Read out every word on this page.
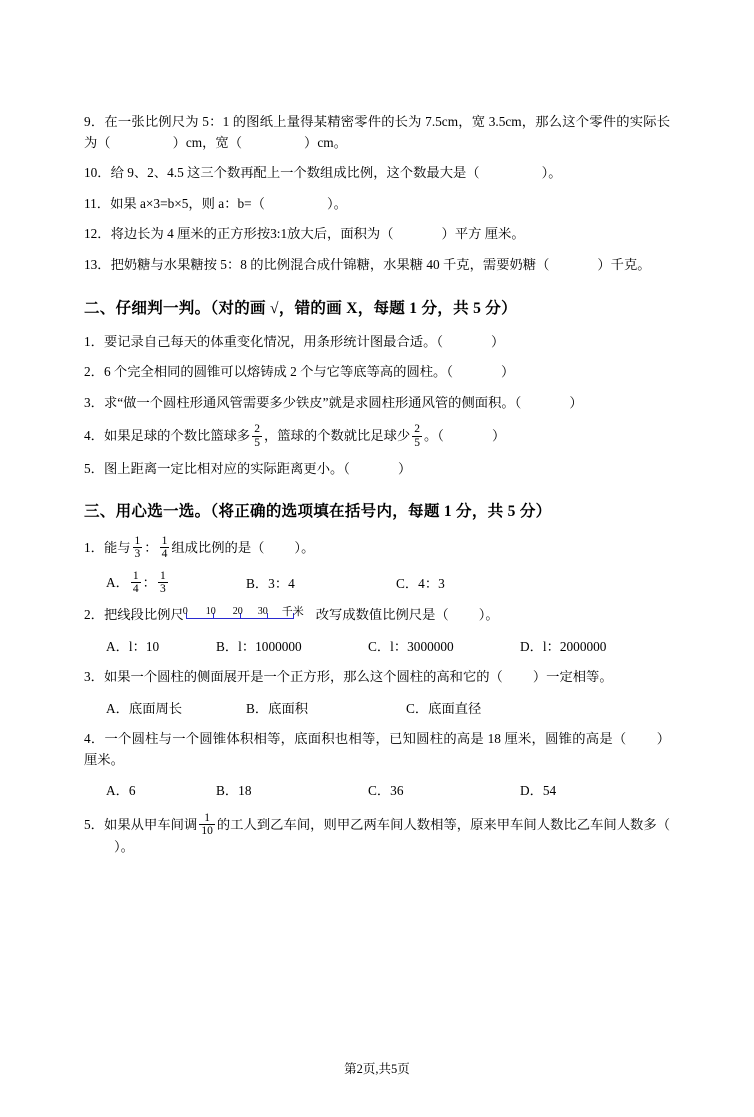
9．在一张比例尺为 5：1 的图纸上量得某精密零件的长为 7.5cm，宽 3.5cm，那么这个零件的实际长为（	）cm，宽（	）cm。
10．给 9、2、4.5 这三个数再配上一个数组成比例，这个数最大是（	）。
11．如果 a×3=b×5，则 a：b=（	）。
12．将边长为 4 厘米的正方形按3:1放大后，面积为（	）平方 厘米。
13．把奶糖与水果糖按 5：8 的比例混合成什锦糖，水果糖 40 千克，需要奶糖（	）千克。
二、仔细判一判。（对的画 √，错的画 X，每题 1 分，共 5 分）
1．要记录自己每天的体重变化情况，用条形统计图最合适。（	）
2．6 个完全相同的圆锥可以熔铸成 2 个与它等底等高的圆柱。（	）
3．求“做一个圆柱形通风管需要多少铁皮”就是求圆柱形通风管的侧面积。（	）
4．如果足球的个数比篮球多 $\frac{2}{5}$ ，篮球的个数就比足球少 $\frac{2}{5}$ 。（	）
5．图上距离一定比相对应的实际距离更小。（	）
三、用心选一选。（将正确的选项填在括号内，每题 1 分，共 5 分）
1．能与 $\frac{1}{3}$ ： $\frac{1}{4}$ 组成比例的是（ ）。
A． $\frac{1}{4}$ ： $\frac{1}{3}$	B．3：4	C．4：3
2．把线段比例尺 0 10 20 30 千米 改写成数值比例尺是（ ）。
A．l：10	B．l：1000000	C．l：3000000	D．l：2000000
3．如果一个圆柱的侧面展开是一个正方形，那么这个圆柱的高和它的（ ）一定相等。
A．底面周长	B．底面积	C．底面直径
4．一个圆柱与一个圆锥体积相等，底面积也相等，已知圆柱的高是 18 厘米，圆锥的高是（ ）厘米。
A．6	B．18	C．36	D．54
5．如果从甲车间调 $\frac{1}{10}$ 的工人到乙车间，则甲乙两车间人数相等，原来甲车间人数比乙车间人数多（）。
第2页,共5页
